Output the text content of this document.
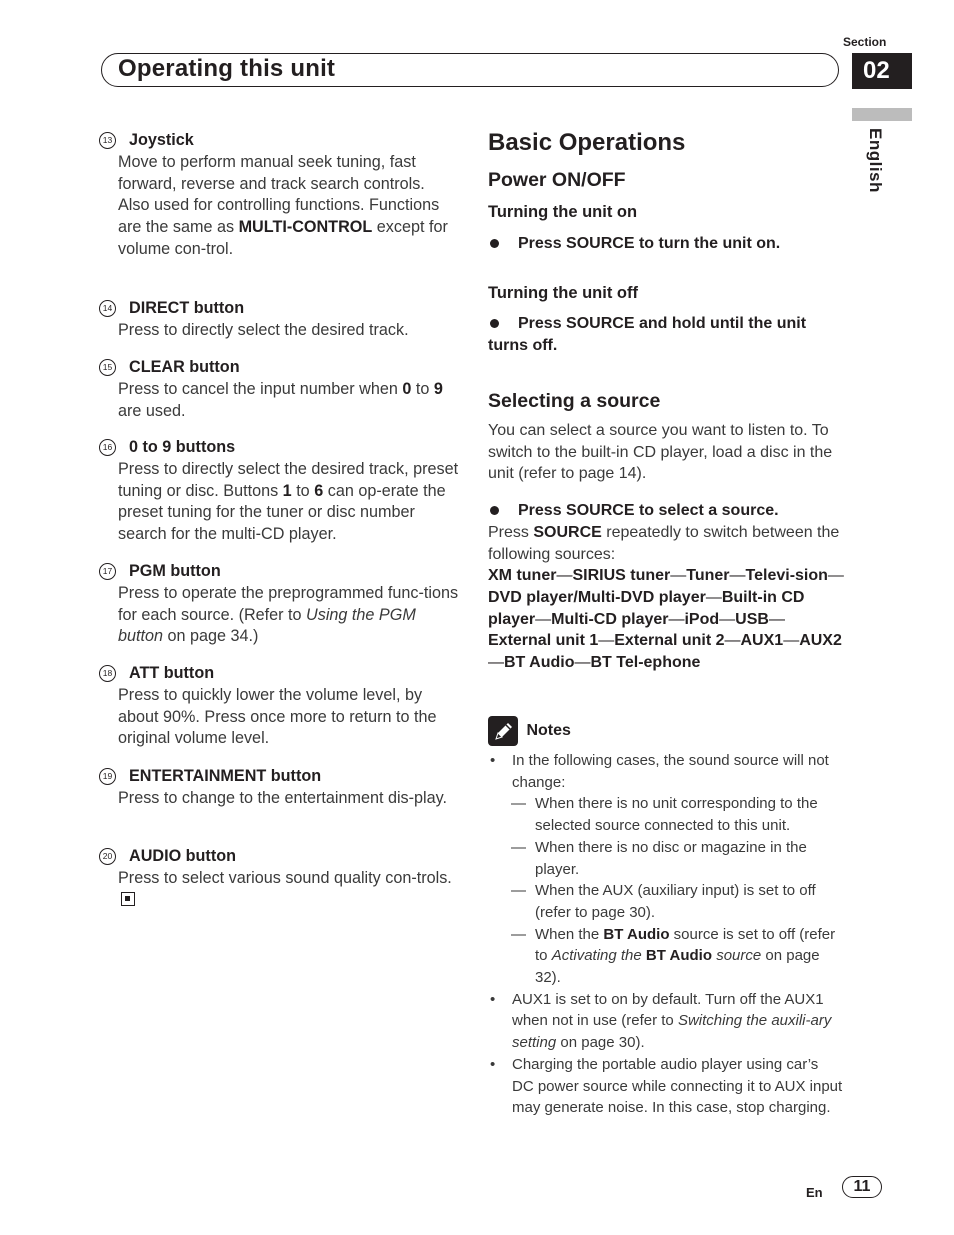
Section
Operating this unit	02
English
13 Joystick
Move to perform manual seek tuning, fast forward, reverse and track search controls. Also used for controlling functions. Functions are the same as MULTI-CONTROL except for volume con-trol.
14 DIRECT button
Press to directly select the desired track.
15 CLEAR button
Press to cancel the input number when 0 to 9 are used.
16 0 to 9 buttons
Press to directly select the desired track, preset tuning or disc. Buttons 1 to 6 can op-erate the preset tuning for the tuner or disc number search for the multi-CD player.
17 PGM button
Press to operate the preprogrammed func-tions for each source. (Refer to Using the PGM button on page 34.)
18 ATT button
Press to quickly lower the volume level, by about 90%. Press once more to return to the original volume level.
19 ENTERTAINMENT button
Press to change to the entertainment dis-play.
20 AUDIO button
Press to select various sound quality con-trols.
Basic Operations
Power ON/OFF
Turning the unit on
Press SOURCE to turn the unit on.
Turning the unit off
Press SOURCE and hold until the unit turns off.
Selecting a source
You can select a source you want to listen to. To switch to the built-in CD player, load a disc in the unit (refer to page 14).
Press SOURCE to select a source.
Press SOURCE repeatedly to switch between the following sources:
XM tuner—SIRIUS tuner—Tuner—Televi-sion—DVD player/Multi-DVD player—Built-in CD player—Multi-CD player—iPod—USB—External unit 1—External unit 2—AUX1—AUX2—BT Audio—BT Tel-ephone
Notes
• In the following cases, the sound source will not change:
— When there is no unit corresponding to the selected source connected to this unit.
— When there is no disc or magazine in the player.
— When the AUX (auxiliary input) is set to off (refer to page 30).
— When the BT Audio source is set to off (refer to Activating the BT Audio source on page 32).
• AUX1 is set to on by default. Turn off the AUX1 when not in use (refer to Switching the auxili-ary setting on page 30).
• Charging the portable audio player using car’s DC power source while connecting it to AUX input may generate noise. In this case, stop charging.
En	11
